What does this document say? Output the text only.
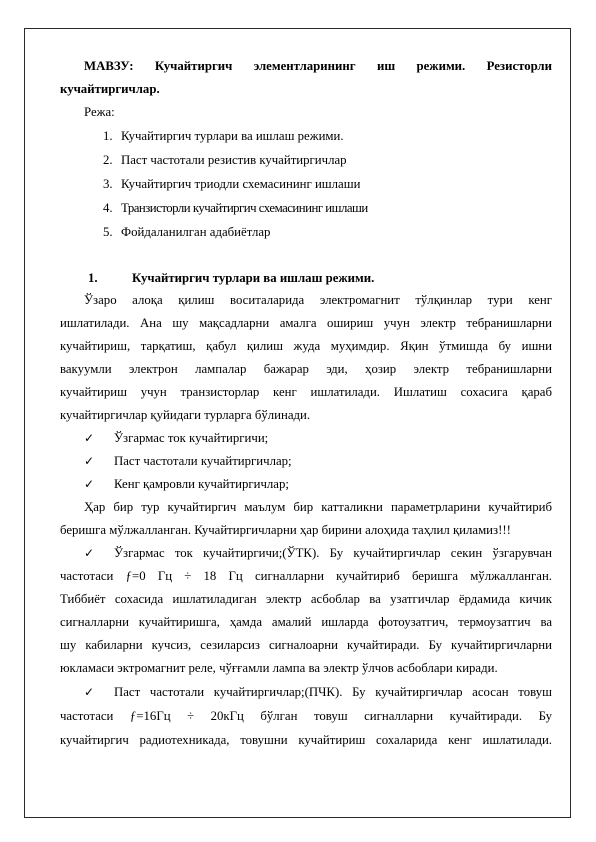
МАВЗУ: Кучайтиргич элементларининг иш режими. Резисторли
кучайтиргичлар.
Режа:
1. Кучайтиргич турлари ва ишлаш режими.
2. Паст частотали резистив кучайтиргичлар
3. Кучайтиргич триодли схемасининг ишлаши
4. Транзисторли кучайтиргич схемасининг ишлаши
5. Фойдаланилган адабиётлар
1.	Кучайтиргич турлари ва ишлаш режими.
Ўзаро алоқа қилиш воситаларида электромагнит тўлқинлар тури кенг
ишлатилади. Ана шу мақсадларни амалга ошириш учун электр тебранишларни
кучайтириш, тарқатиш, қабул қилиш жуда муҳимдир. Яқин ўтмишда бу ишни
вакуумли электрон лампалар бажарар эди, ҳозир электр тебранишларни
кучайтириш учун транзисторлар кенг ишлатилади. Ишлатиш сохасига қараб
кучайтиргичлар қуйидаги турларга бўлинади.
✓	Ўзгармас ток кучайтиргичи;
✓	Паст частотали кучайтиргичлар;
✓	Кенг қамровли кучайтиргичлар;
Ҳар бир тур кучайтиргич маълум бир катталикни параметрларини кучайтириб
беришга мўлжалланган. Кучайтиргичларни ҳар бирини алоҳида таҳлил қиламиз!!!
✓	Ўзгармас ток кучайтиргичи;(ЎТК). Бу кучайтиргичлар секин ўзгарувчан
частотаси ƒ=0 Гц ÷ 18 Гц сигналларни кучайтириб беришга мўлжалланган.
Тиббиёт сохасида ишлатиладиган электр асбоблар ва узатгичлар ёрдамида кичик
сигналларни кучайтиришга, ҳамда амалий ишларда фотоузатгич, термоузатгич ва
шу кабиларни кучсиз, сезиларсиз сигналоарни кучайтиради. Бу кучайтиргичларни
юкламаси эктромагнит реле, чўғғамли лампа ва электр ўлчов асбоблари киради.
✓	Паст частотали кучайтиргичлар;(ПЧК). Бу кучайтиргичлар асосан товуш
частотаси ƒ=16Гц ÷ 20кГц бўлган товуш сигналларни кучайтиради. Бу
кучайтиргич радиотехникада, товушни кучайтириш сохаларида кенг ишлатилади.
